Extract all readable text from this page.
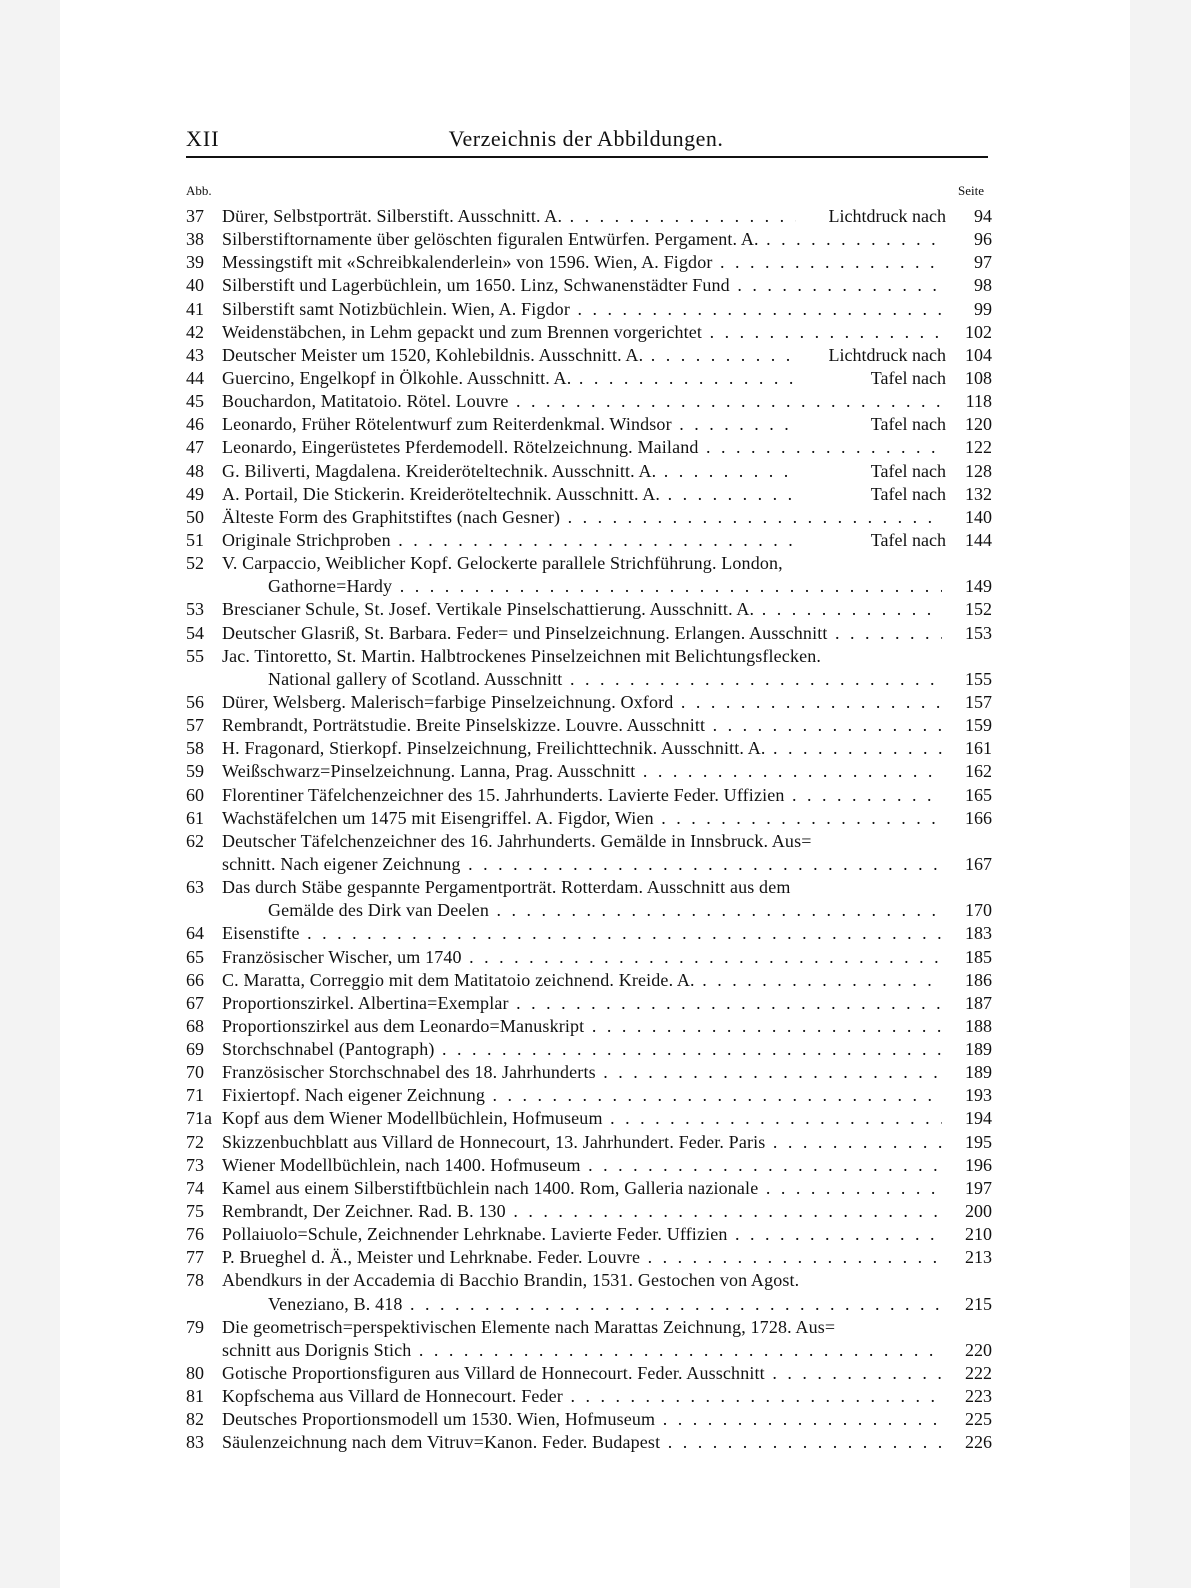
XII	Verzeichnis der Abbildungen.
Abb.	Seite
37	Dürer, Selbstporträt. Silberstift. Ausschnitt. A. . . .	Lichtdruck nach	94
38	Silberstiftornamente über gelöschten figuralen Entwürfen. Pergament. A. . . .	96
39	Messingstift mit «Schreibkalenderlein» von 1596. Wien, A. Figdor . . .	97
40	Silberstift und Lagerbüchlein, um 1650. Linz, Schwanenstädter Fund . . .	98
41	Silberstift samt Notizbüchlein. Wien, A. Figdor . . .	99
42	Weidenstäbchen, in Lehm gepackt und zum Brennen vorgerichtet . . .	102
43	Deutscher Meister um 1520, Kohlebildnis. Ausschnitt. A. . . .	Lichtdruck nach	104
44	Guercino, Engelkopf in Ölkohle. Ausschnitt. A. . . .	Tafel nach	108
45	Bouchardon, Matitatoio. Rötel. Louvre . . .	118
46	Leonardo, Früher Rötelentwurf zum Reiterdenkmal. Windsor . . .	Tafel nach	120
47	Leonardo, Eingerüstetes Pferdemodell. Rötelzeichnung. Mailand . . .	122
48	G. Biliverti, Magdalena. Kreideröteltechnik. Ausschnitt. A. . . .	Tafel nach	128
49	A. Portail, Die Stickerin. Kreideröteltechnik. Ausschnitt. A. . . .	Tafel nach	132
50	Älteste Form des Graphitstiftes (nach Gesner) . . .	140
51	Originale Strichproben . . .	Tafel nach	144
52	V. Carpaccio, Weiblicher Kopf. Gelockerte parallele Strichführung. London,
Gathorne=Hardy . . .	149
53	Brescianer Schule, St. Josef. Vertikale Pinselschattierung. Ausschnitt. A. . . .	152
54	Deutscher Glasriß, St. Barbara. Feder= und Pinselzeichnung. Erlangen. Ausschnitt . . .	153
55	Jac. Tintoretto, St. Martin. Halbtrockenes Pinselzeichnen mit Belichtungsflecken.
National gallery of Scotland. Ausschnitt . . .	155
56	Dürer, Welsberg. Malerisch=farbige Pinselzeichnung. Oxford . . .	157
57	Rembrandt, Porträtstudie. Breite Pinselskizze. Louvre. Ausschnitt . . .	159
58	H. Fragonard, Stierkopf. Pinselzeichnung, Freilichttechnik. Ausschnitt. A. . . .	161
59	Weißschwarz=Pinselzeichnung. Lanna, Prag. Ausschnitt . . .	162
60	Florentiner Täfelchenzeichner des 15. Jahrhunderts. Lavierte Feder. Uffizien . . .	165
61	Wachstäfelchen um 1475 mit Eisengriffel. A. Figdor, Wien . . .	166
62	Deutscher Täfelchenzeichner des 16. Jahrhunderts. Gemälde in Innsbruck. Aus=
schnitt. Nach eigener Zeichnung . . .	167
63	Das durch Stäbe gespannte Pergamentporträt. Rotterdam. Ausschnitt aus dem
Gemälde des Dirk van Deelen . . .	170
64	Eisenstifte . . .	183
65	Französischer Wischer, um 1740 . . .	185
66	C. Maratta, Correggio mit dem Matitatoio zeichnend. Kreide. A. . . .	186
67	Proportionszirkel. Albertina=Exemplar . . .	187
68	Proportionszirkel aus dem Leonardo=Manuskript . . .	188
69	Storchschnabel (Pantograph) . . .	189
70	Französischer Storchschnabel des 18. Jahrhunderts . . .	189
71	Fixiertopf. Nach eigener Zeichnung . . .	193
71a Kopf aus dem Wiener Modellbüchlein, Hofmuseum . . .	194
72	Skizzenbuchblatt aus Villard de Honnecourt, 13. Jahrhundert. Feder. Paris . . .	195
73	Wiener Modellbüchlein, nach 1400. Hofmuseum . . .	196
74	Kamel aus einem Silberstiftbüchlein nach 1400. Rom, Galleria nazionale . . .	197
75	Rembrandt, Der Zeichner. Rad. B. 130 . . .	200
76	Pollaiuolo=Schule, Zeichnender Lehrknabe. Lavierte Feder. Uffizien . . .	210
77	P. Brueghel d. Ä., Meister und Lehrknabe. Feder. Louvre . . .	213
78	Abendkurs in der Accademia di Bacchio Brandin, 1531. Gestochen von Agost.
Veneziano, B. 418 . . .	215
79	Die geometrisch=perspektivischen Elemente nach Marattas Zeichnung, 1728. Aus=
schnitt aus Dorignis Stich . . .	220
80	Gotische Proportionsfiguren aus Villard de Honnecourt. Feder. Ausschnitt . . .	222
81	Kopfschema aus Villard de Honnecourt. Feder . . .	223
82	Deutsches Proportionsmodell um 1530. Wien, Hofmuseum . . .	225
83	Säulenzeichnung nach dem Vitruv=Kanon. Feder. Budapest . . .	226
